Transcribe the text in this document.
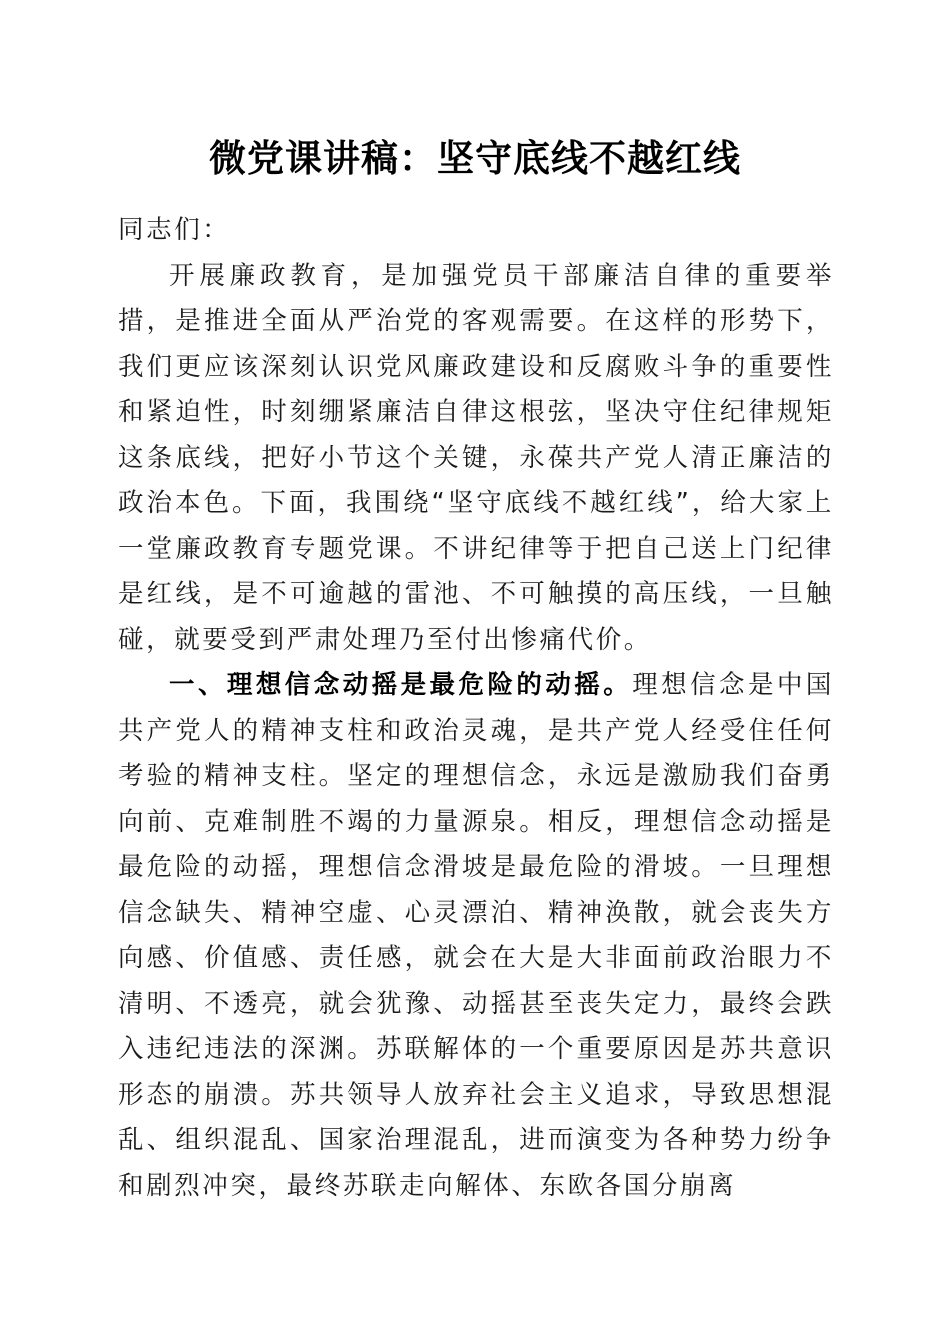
微党课讲稿：坚守底线不越红线

同志们：

开展廉政教育，是加强党员干部廉洁自律的重要举措，是推进全面从严治党的客观需要。在这样的形势下，我们更应该深刻认识党风廉政建设和反腐败斗争的重要性和紧迫性，时刻绷紧廉洁自律这根弦，坚决守住纪律规矩这条底线，把好小节这个关键，永葆共产党人清正廉洁的政治本色。下面，我围绕“坚守底线不越红线”，给大家上一堂廉政教育专题党课。不讲纪律等于把自己送上门纪律是红线，是不可逾越的雷池、不可触摸的高压线，一旦触碰，就要受到严肃处理乃至付出惨痛代价。

一、理想信念动摇是最危险的动摇。理想信念是中国共产党人的精神支柱和政治灵魂，是共产党人经受住任何考验的精神支柱。坚定的理想信念，永远是激励我们奋勇向前、克难制胜不竭的力量源泉。相反，理想信念动摇是最危险的动摇，理想信念滑坡是最危险的滑坡。一旦理想信念缺失、精神空虚、心灵漂泊、精神涣散，就会丧失方向感、价值感、责任感，就会在大是大非面前政治眼力不清明、不透亮，就会犹豫、动摇甚至丧失定力，最终会跌入违纪违法的深渊。苏联解体的一个重要原因是苏共意识形态的崩溃。苏共领导人放弃社会主义追求，导致思想混乱、组织混乱、国家治理混乱，进而演变为各种势力纷争和剧烈冲突，最终苏联走向解体、东欧各国分崩离
